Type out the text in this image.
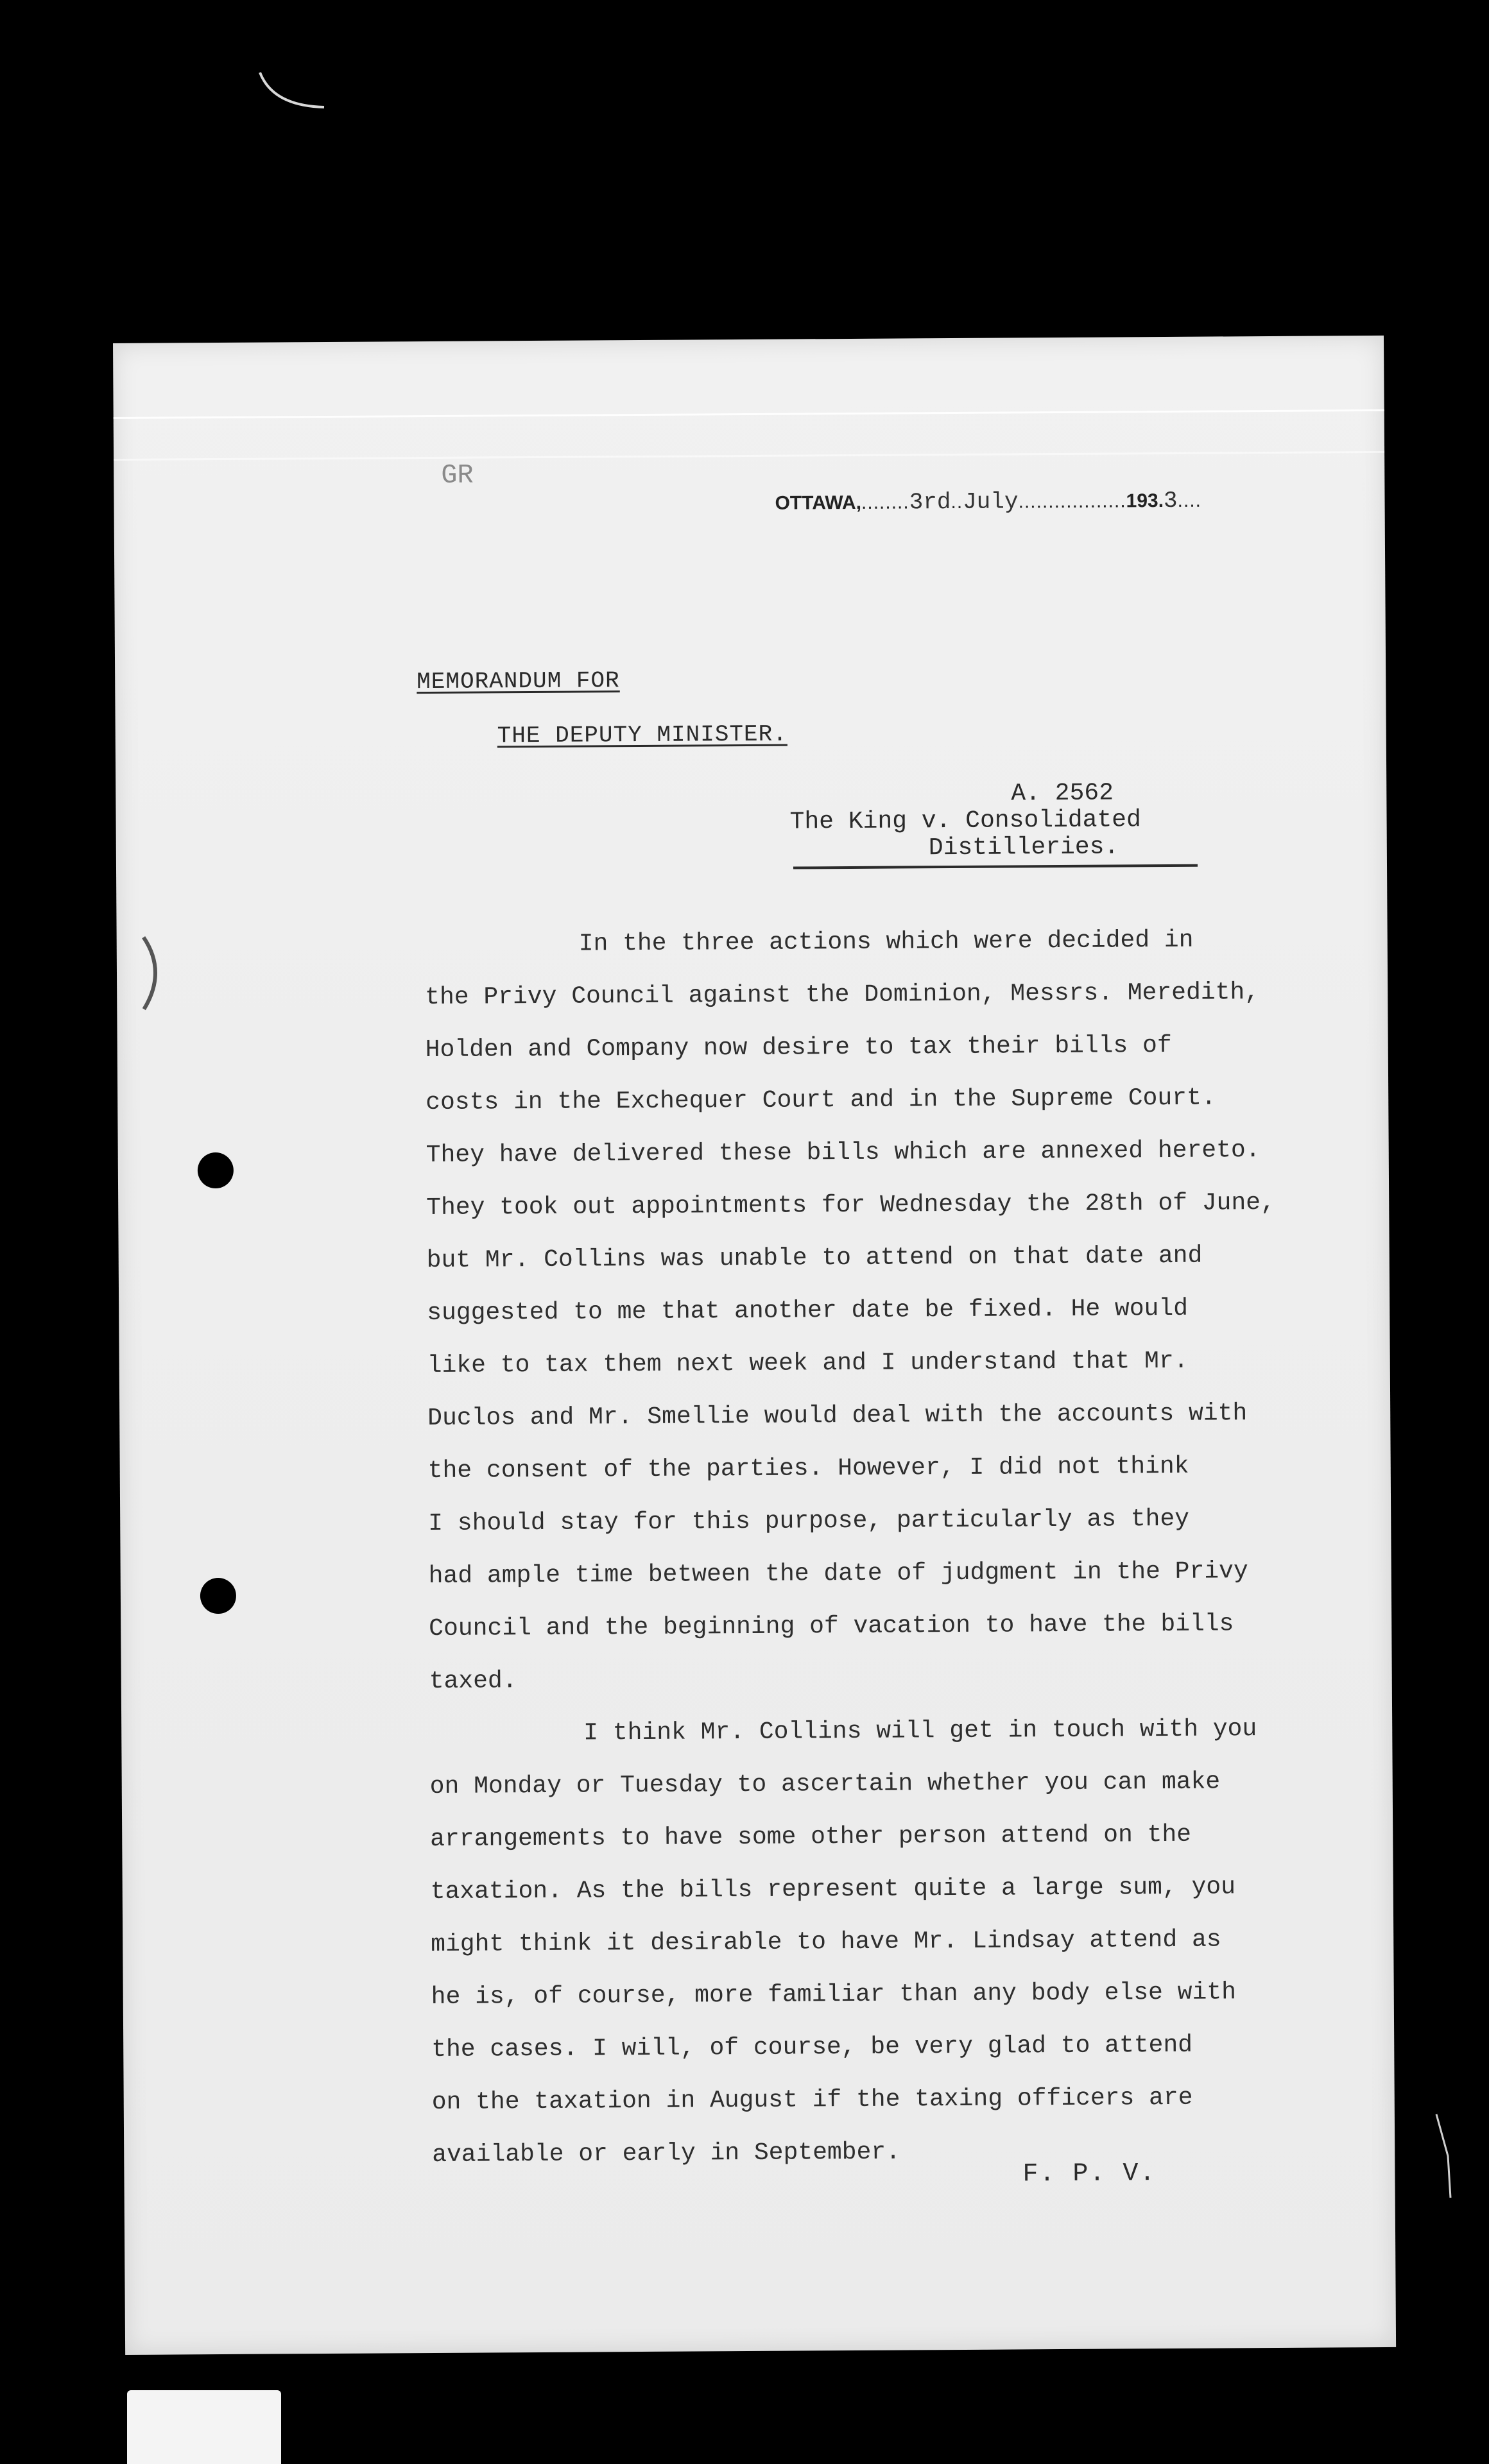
GR
OTTAWA,........3rd..July..................193.3....
MEMORANDUM FOR
THE DEPUTY MINISTER.
A. 2562
The King v. Consolidated
Distilleries.

In the three actions which were decided in
the Privy Council against the Dominion, Messrs. Meredith,
Holden and Company now desire to tax their bills of
costs in the Exchequer Court and in the Supreme Court.
They have delivered these bills which are annexed hereto.
They took out appointments for Wednesday the 28th of June,
but Mr. Collins was unable to attend on that date and
suggested to me that another date be fixed. He would
like to tax them next week and I understand that Mr.
Duclos and Mr. Smellie would deal with the accounts with
the consent of the parties. However, I did not think
I should stay for this purpose, particularly as they
had ample time between the date of judgment in the Privy
Council and the beginning of vacation to have the bills
taxed.

I think Mr. Collins will get in touch with you
on Monday or Tuesday to ascertain whether you can make
arrangements to have some other person attend on the
taxation. As the bills represent quite a large sum, you
might think it desirable to have Mr. Lindsay attend as
he is, of course, more familiar than any body else with
the cases. I will, of course, be very glad to attend
on the taxation in August if the taxing officers are
available or early in September.

F. P. V.
